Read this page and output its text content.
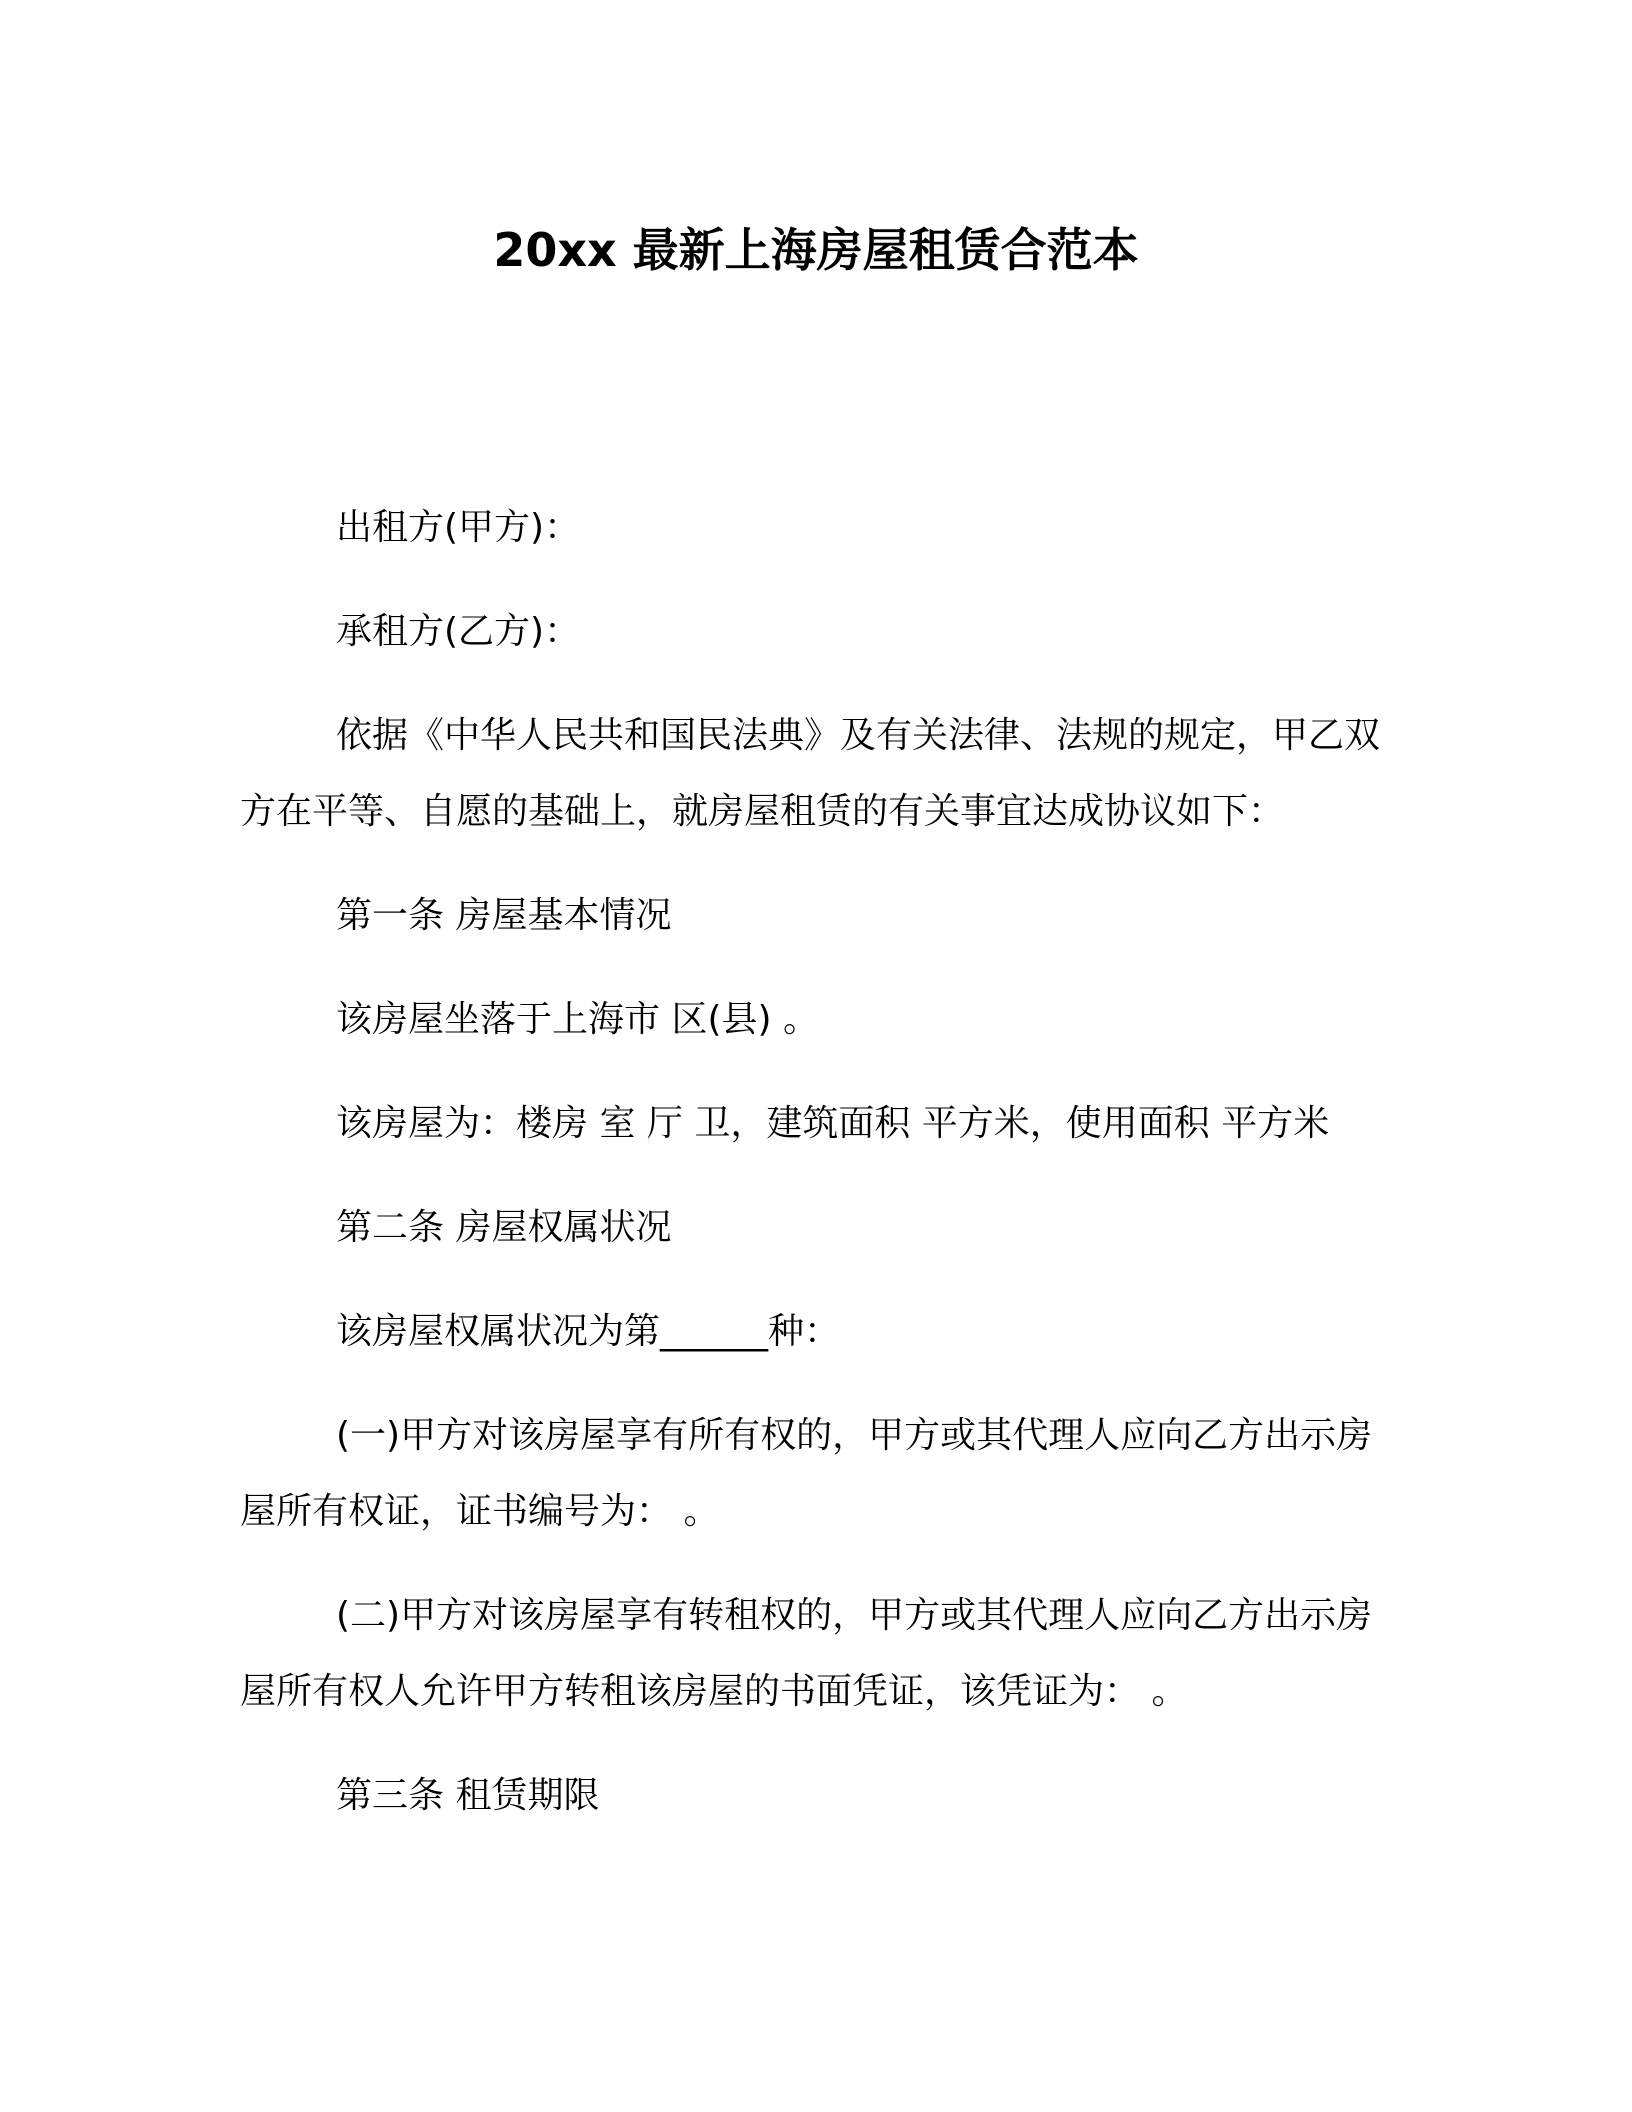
20xx 最新上海房屋租赁合范本

出租方(甲方)：

承租方(乙方)：

依据《中华人民共和国民法典》及有关法律、法规的规定，甲乙双方在平等、自愿的基础上，就房屋租赁的有关事宜达成协议如下：

第一条 房屋基本情况

该房屋坐落于上海市 区(县) 。

该房屋为：楼房 室 厅 卫，建筑面积 平方米，使用面积 平方米

第二条 房屋权属状况

该房屋权属状况为第______种：

(一)甲方对该房屋享有所有权的，甲方或其代理人应向乙方出示房屋所有权证，证书编号为： 。

(二)甲方对该房屋享有转租权的，甲方或其代理人应向乙方出示房屋所有权人允许甲方转租该房屋的书面凭证，该凭证为： 。

第三条 租赁期限
